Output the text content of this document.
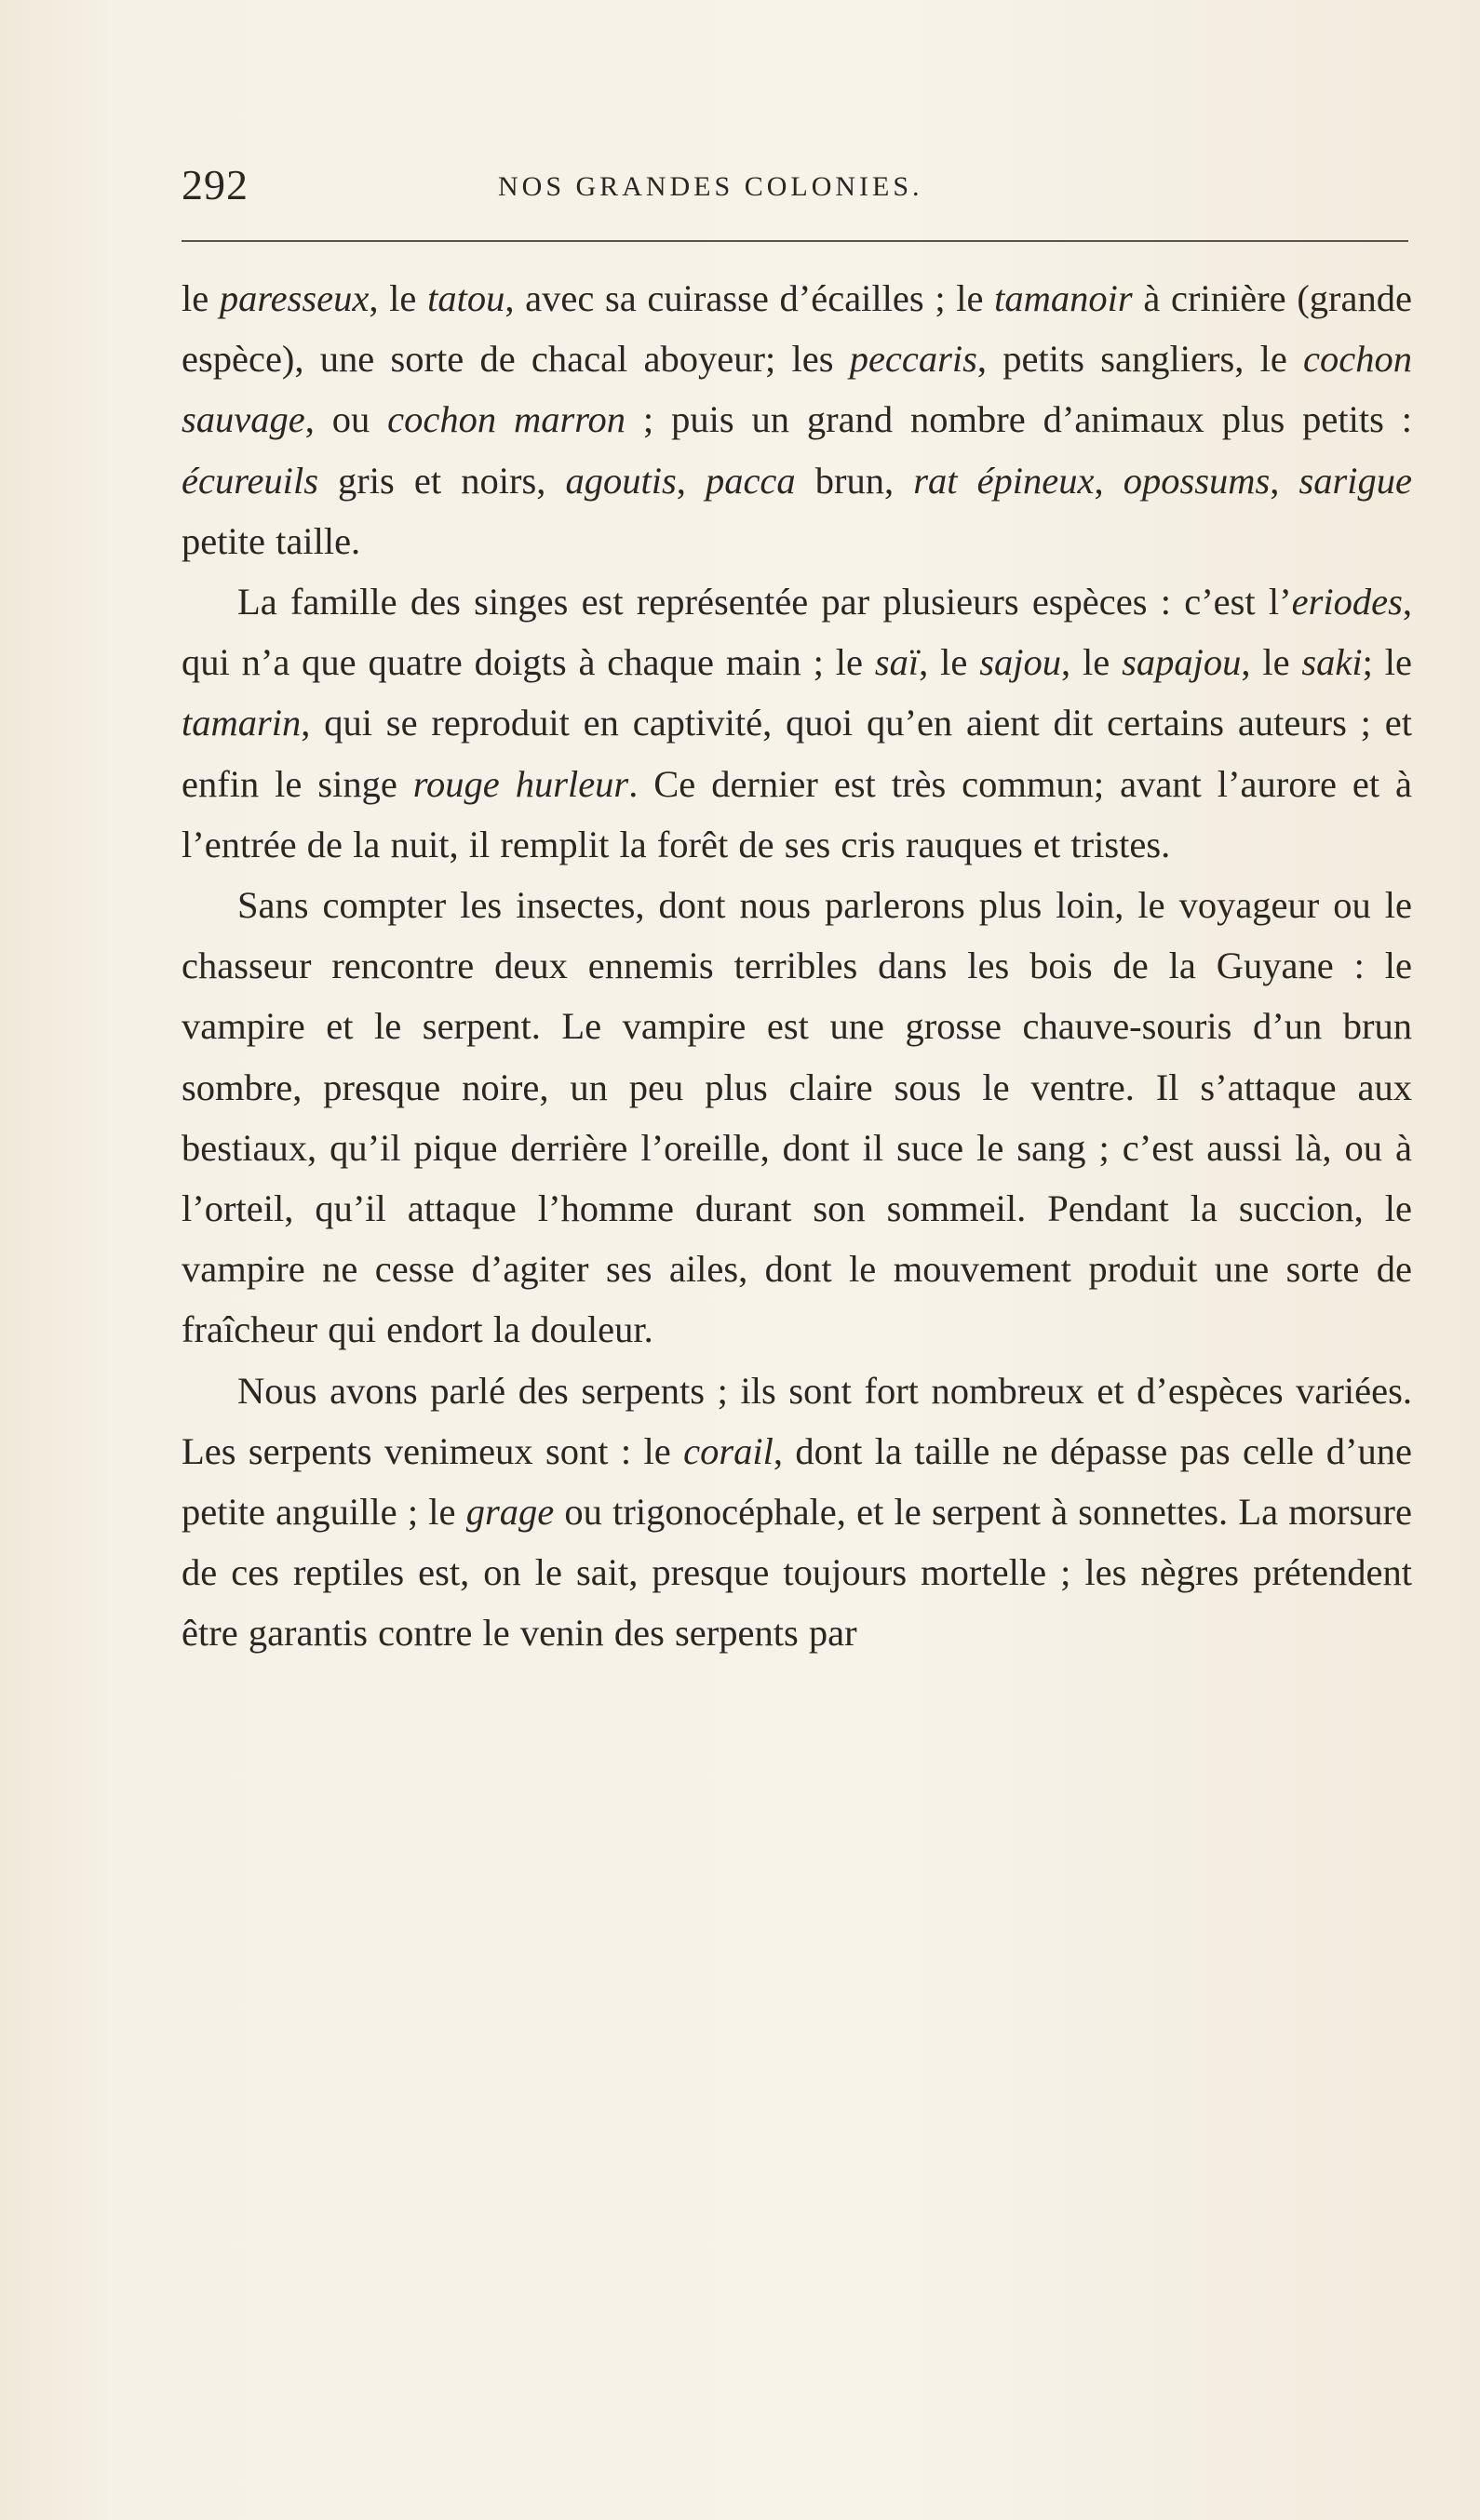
292	NOS GRANDES COLONIES.

le paresseux, le tatou, avec sa cuirasse d’écailles ; le tamanoir à crinière (grande espèce), une sorte de chacal aboyeur; les peccaris, petits sangliers, le cochon sauvage, ou cochon marron ; puis un grand nombre d’animaux plus petits : écureuils gris et noirs, agoutis, pacca brun, rat épineux, opossums, sarigue petite taille.

La famille des singes est représentée par plusieurs espèces : c’est l’eriodes, qui n’a que quatre doigts à chaque main ; le saï, le sajou, le sapajou, le saki; le tamarin, qui se reproduit en captivité, quoi qu’en aient dit certains auteurs ; et enfin le singe rouge hurleur. Ce dernier est très commun; avant l’aurore et à l’entrée de la nuit, il remplit la forêt de ses cris rauques et tristes.

Sans compter les insectes, dont nous parlerons plus loin, le voyageur ou le chasseur rencontre deux ennemis terribles dans les bois de la Guyane : le vampire et le serpent. Le vampire est une grosse chauve-souris d’un brun sombre, presque noire, un peu plus claire sous le ventre. Il s’attaque aux bestiaux, qu’il pique derrière l’oreille, dont il suce le sang ; c’est aussi là, ou à l’orteil, qu’il attaque l’homme durant son sommeil. Pendant la succion, le vampire ne cesse d’agiter ses ailes, dont le mouvement produit une sorte de fraîcheur qui endort la douleur.

Nous avons parlé des serpents ; ils sont fort nombreux et d’espèces variées. Les serpents venimeux sont : le corail, dont la taille ne dépasse pas celle d’une petite anguille ; le grage ou trigonocéphale, et le serpent à sonnettes. La morsure de ces reptiles est, on le sait, presque toujours mortelle ; les nègres prétendent être garantis contre le venin des serpents par
